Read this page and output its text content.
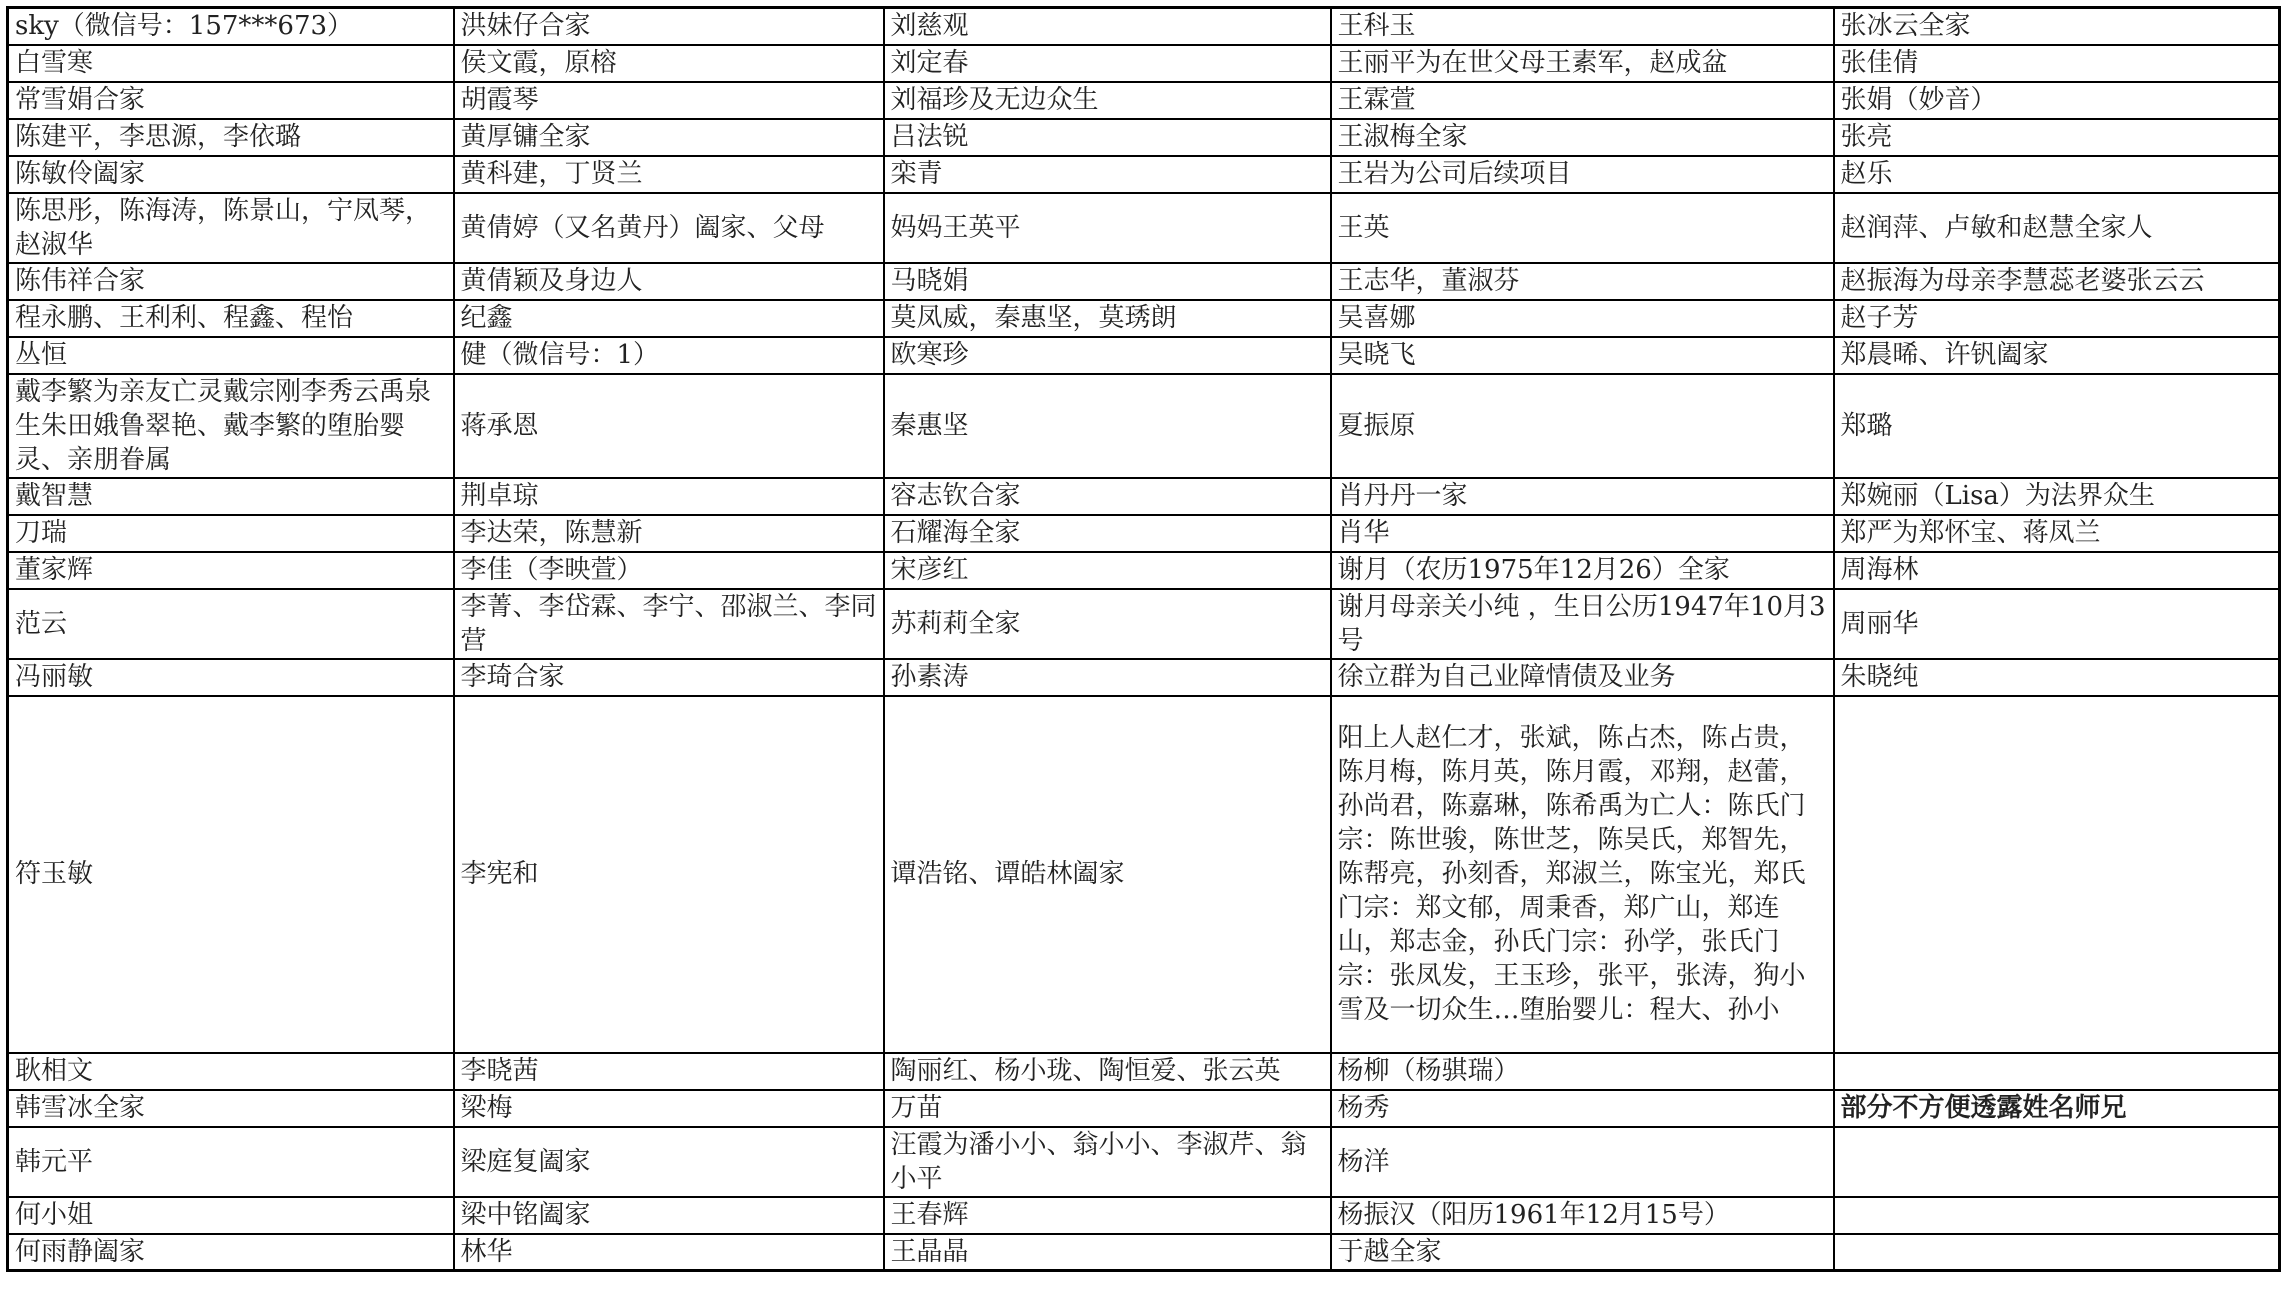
sky（微信号：157***673）	洪妹仔合家	刘慈观	王科玉	张冰云全家
白雪寒	侯文霞，原榕	刘定春	王丽平为在世父母王素军，赵成盆	张佳倩
常雪娟合家	胡霞琴	刘福珍及无边众生	王霖萱	张娟（妙音）
陈建平，李思源，李依璐	黄厚镛全家	吕法锐	王淑梅全家	张亮
陈敏伶阖家	黄科建，丁贤兰	栾青	王岩为公司后续项目	赵乐
陈思彤，陈海涛，陈景山，宁凤琴，赵淑华	黄倩婷（又名黄丹）阖家、父母	妈妈王英平	王英	赵润萍、卢敏和赵慧全家人
陈伟祥合家	黄倩颖及身边人	马晓娟	王志华，董淑芬	赵振海为母亲李慧蕊老婆张云云
程永鹏、王利利、程鑫、程怡	纪鑫	莫凤威，秦惠坚，莫琇朗	吴喜娜	赵子芳
丛恒	健（微信号：1）	欧寒珍	吴晓飞	郑晨晞、许钒阖家
戴李繁为亲友亡灵戴宗刚李秀云禹泉生朱田娥鲁翠艳、戴李繁的堕胎婴灵、亲朋眷属	蒋承恩	秦惠坚	夏振原	郑璐
戴智慧	荆卓琼	容志钦合家	肖丹丹一家	郑婉丽（Lisa）为法界众生
刀瑞	李达荣，陈慧新	石耀海全家	肖华	郑严为郑怀宝、蒋凤兰
董家辉	李佳（李映萱）	宋彦红	谢月（农历1975年12月26）全家	周海林
范云	李菁、李岱霖、李宁、邵淑兰、李同营	苏莉莉全家	谢月母亲关小纯 ，生日公历1947年10月3号	周丽华
冯丽敏	李琦合家	孙素涛	徐立群为自己业障情债及业务	朱晓纯
符玉敏	李宪和	谭浩铭、谭皓林阖家	阳上人赵仁才，张斌，陈占杰，陈占贵，陈月梅，陈月英，陈月霞，邓翔，赵蕾，孙尚君，陈嘉琳，陈希禹为亡人：陈氏门宗：陈世骏，陈世芝，陈吴氏，郑智先，陈帮亮，孙刻香，郑淑兰，陈宝光，郑氏门宗：郑文郁，周秉香，郑广山，郑连山，郑志金，孙氏门宗：孙学，张氏门宗：张凤发，王玉珍，张平，张涛，狗小雪及一切众生…堕胎婴儿：程大、孙小	
耿相文	李晓茜	陶丽红、杨小珑、陶恒爱、张云英	杨柳（杨骐瑞）	
韩雪冰全家	梁梅	万苗	杨秀	部分不方便透露姓名师兄
韩元平	梁庭复阖家	汪霞为潘小小、翁小小、李淑芹、翁小平	杨洋	
何小姐	梁中铭阖家	王春辉	杨振汉（阳历1961年12月15号）	
何雨静阖家	林华	王晶晶	于越全家	
